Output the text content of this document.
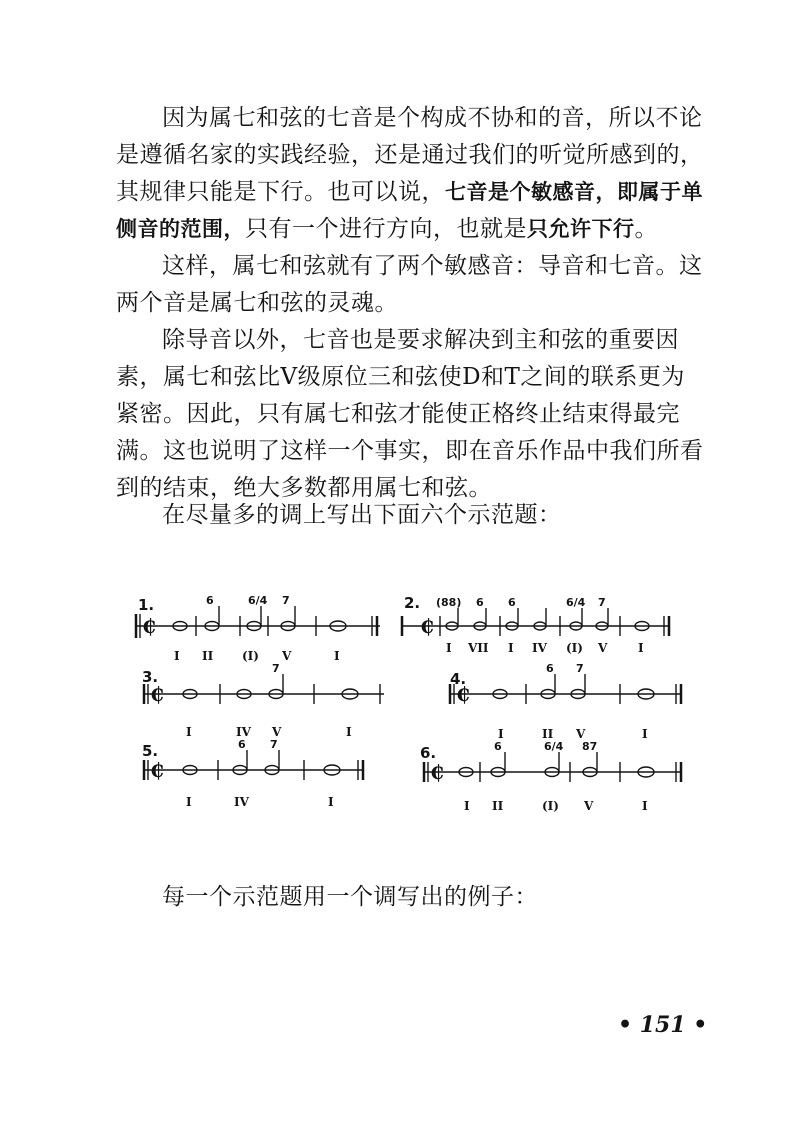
因为属七和弦的七音是个构成不协和的音，所以不论是遵循名家的实践经验，还是通过我们的听觉所感到的，其规律只能是下行。也可以说，七音是个敏感音，即属于单侧音的范围，只有一个进行方向，也就是只允许下行。

这样，属七和弦就有了两个敏感音：导音和七音。这两个音是属七和弦的灵魂。

除导音以外，七音也是要求解决到主和弦的重要因素，属七和弦比Ⅴ级原位三和弦使D和T之间的联系更为紧密。因此，只有属七和弦才能使正格终止结束得最完满。这也说明了这样一个事实，即在音乐作品中我们所看到的结束，绝大多数都用属七和弦。

在尽量多的调上写出下面六个示范题：

₵	₵
₵	₵
₵	₵
1.	2.
3.	4.
5.	6.
6	6/4 7	(88) 6 6	6/4 7
7	6 7
6 7	6	6/4 87
I II (I) V	I
I VII I IV (I) V	I
I	IV V	I	I	II V	I
I	IV	I	I II	(I) V	I

每一个示范题用一个调写出的例子：

• 151 •
